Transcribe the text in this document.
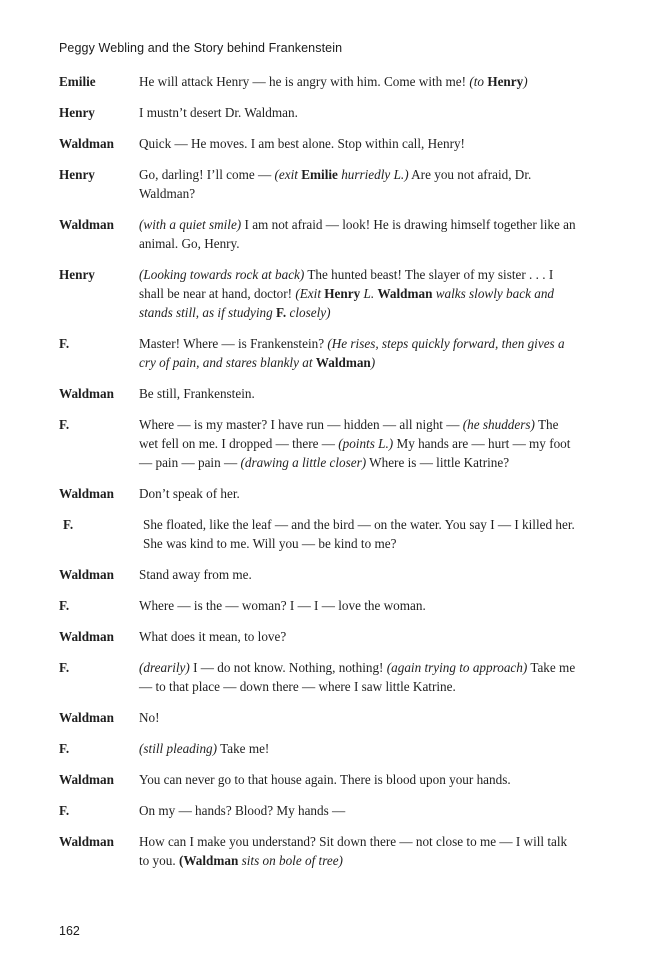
Peggy Webling and the Story behind Frankenstein
Emilie	He will attack Henry — he is angry with him. Come with me! (to Henry)
Henry	I mustn’t desert Dr. Waldman.
Waldman	Quick — He moves. I am best alone. Stop within call, Henry!
Henry	Go, darling! I’ll come — (exit Emilie hurriedly L.) Are you not afraid, Dr. Waldman?
Waldman	(with a quiet smile) I am not afraid — look! He is drawing himself together like an animal. Go, Henry.
Henry	(Looking towards rock at back) The hunted beast! The slayer of my sister . . . I shall be near at hand, doctor! (Exit Henry L. Waldman walks slowly back and stands still, as if studying F. closely)
F.	Master! Where — is Frankenstein? (He rises, steps quickly forward, then gives a cry of pain, and stares blankly at Waldman)
Waldman	Be still, Frankenstein.
F.	Where — is my master? I have run — hidden — all night — (he shudders) The wet fell on me. I dropped — there — (points L.) My hands are — hurt — my foot — pain — pain — (drawing a little closer) Where is — little Katrine?
Waldman	Don’t speak of her.
F.	She floated, like the leaf — and the bird — on the water. You say I — I killed her. She was kind to me. Will you — be kind to me?
Waldman	Stand away from me.
F.	Where — is the — woman? I — I — love the woman.
Waldman	What does it mean, to love?
F.	(drearily) I — do not know. Nothing, nothing! (again trying to approach) Take me — to that place — down there — where I saw little Katrine.
Waldman	No!
F.	(still pleading) Take me!
Waldman	You can never go to that house again. There is blood upon your hands.
F.	On my — hands? Blood? My hands —
Waldman	How can I make you understand? Sit down there — not close to me — I will talk to you. (Waldman sits on bole of tree)
162
